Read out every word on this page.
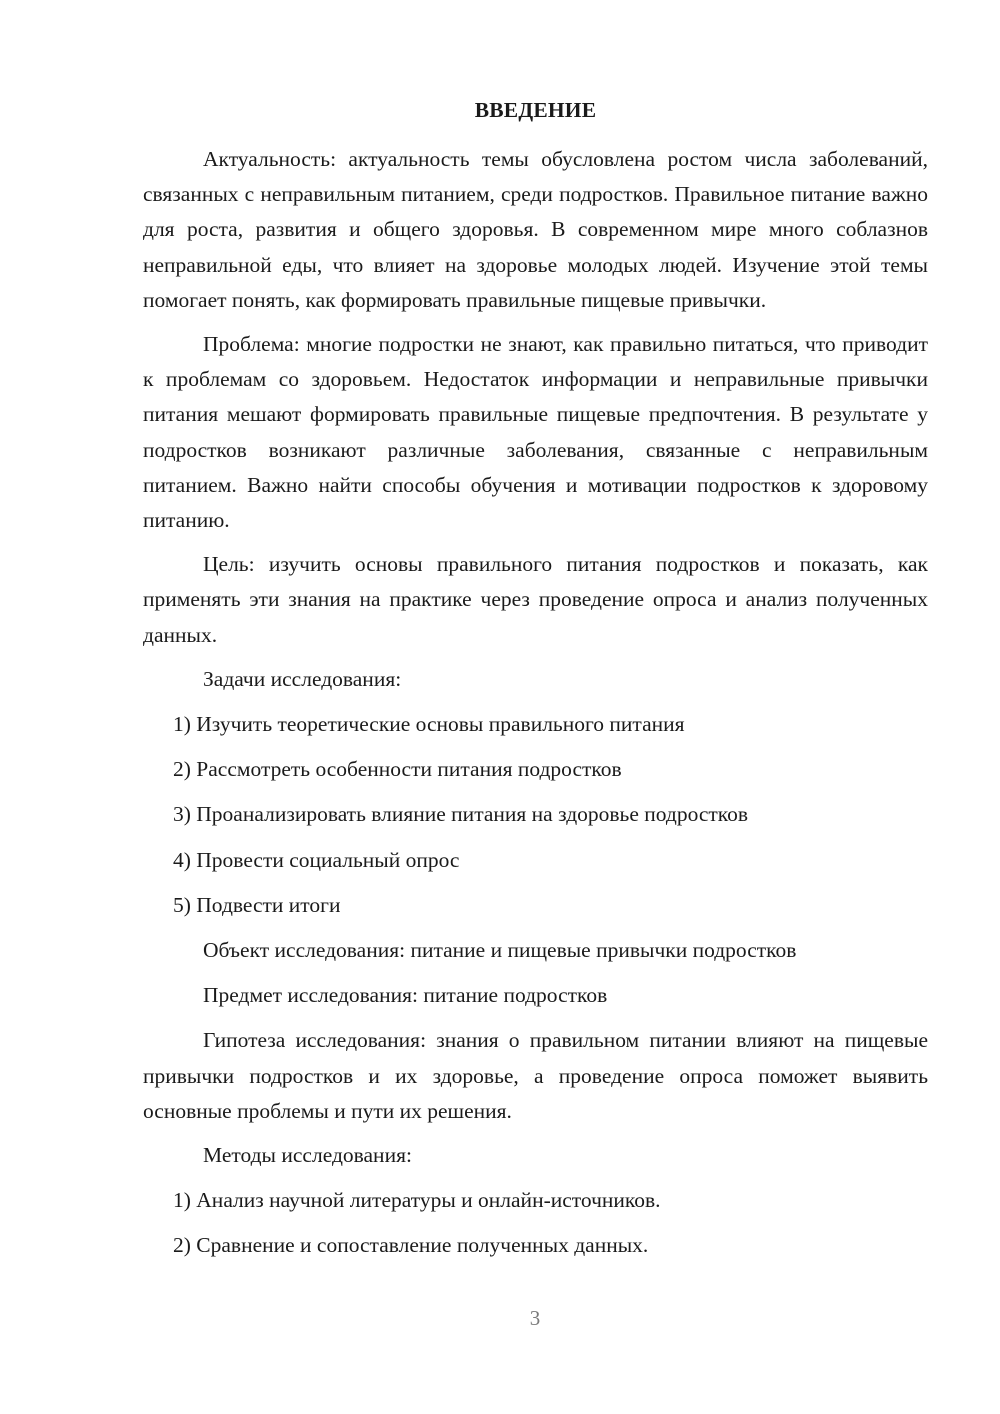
ВВЕДЕНИЕ

Актуальность: актуальность темы обусловлена ростом числа заболеваний, связанных с неправильным питанием, среди подростков. Правильное питание важно для роста, развития и общего здоровья. В современном мире много соблазнов неправильной еды, что влияет на здоровье молодых людей. Изучение этой темы помогает понять, как формировать правильные пищевые привычки.

Проблема: многие подростки не знают, как правильно питаться, что приводит к проблемам со здоровьем. Недостаток информации и неправильные привычки питания мешают формировать правильные пищевые предпочтения. В результате у подростков возникают различные заболевания, связанные с неправильным питанием. Важно найти способы обучения и мотивации подростков к здоровому питанию.

Цель: изучить основы правильного питания подростков и показать, как применять эти знания на практике через проведение опроса и анализ полученных данных.

Задачи исследования:

1) Изучить теоретические основы правильного питания

2) Рассмотреть особенности питания подростков

3) Проанализировать влияние питания на здоровье подростков

4) Провести социальный опрос

5) Подвести итоги

Объект исследования: питание и пищевые привычки подростков

Предмет исследования: питание подростков

Гипотеза исследования: знания о правильном питании влияют на пищевые привычки подростков и их здоровье, а проведение опроса поможет выявить основные проблемы и пути их решения.

Методы исследования:

1) Анализ научной литературы и онлайн-источников.

2) Сравнение и сопоставление полученных данных.

3
